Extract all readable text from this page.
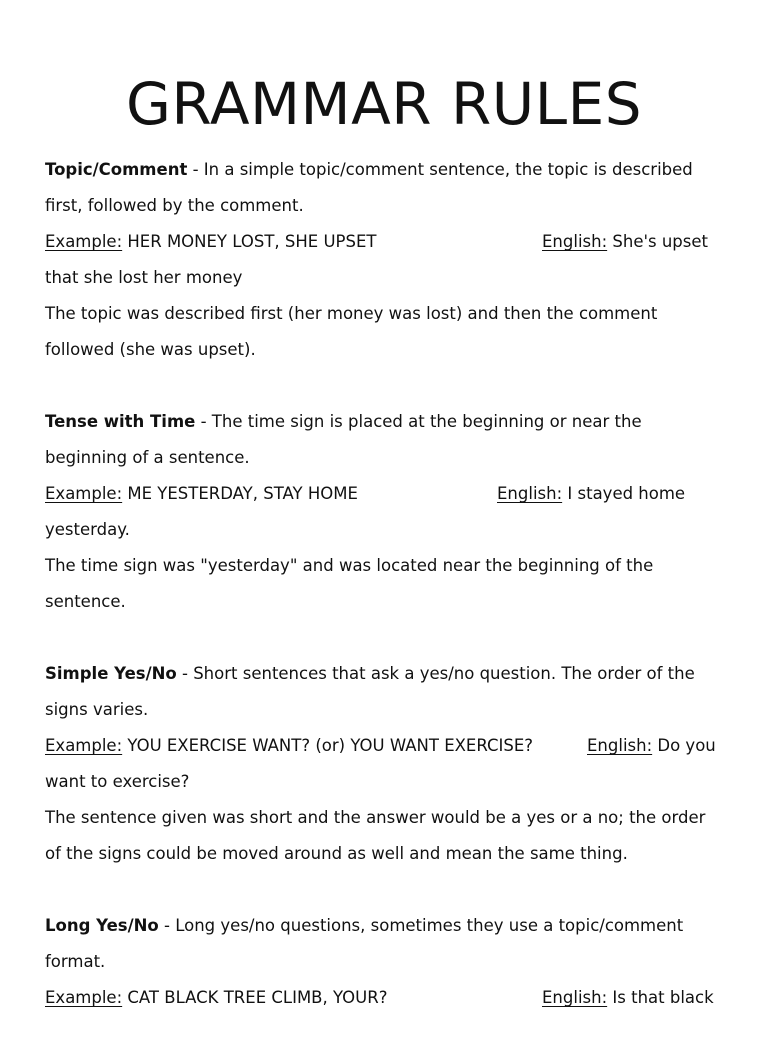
GRAMMAR RULES

Topic/Comment - In a simple topic/comment sentence, the topic is described first, followed by the comment.

Example: HER MONEY LOST, SHE UPSET	English: She's upset

that she lost her money

The topic was described first (her money was lost) and then the comment followed (she was upset).

Tense with Time - The time sign is placed at the beginning or near the beginning of a sentence.

Example: ME YESTERDAY, STAY HOME	English: I stayed home

yesterday.

The time sign was "yesterday" and was located near the beginning of the sentence.

Simple Yes/No - Short sentences that ask a yes/no question. The order of the signs varies.

Example: YOU EXERCISE WANT? (or) YOU WANT EXERCISE?	English: Do you

want to exercise?

The sentence given was short and the answer would be a yes or a no; the order of the signs could be moved around as well and mean the same thing.

Long Yes/No - Long yes/no questions, sometimes they use a topic/comment format.

Example: CAT BLACK TREE CLIMB, YOUR?	English: Is that black
